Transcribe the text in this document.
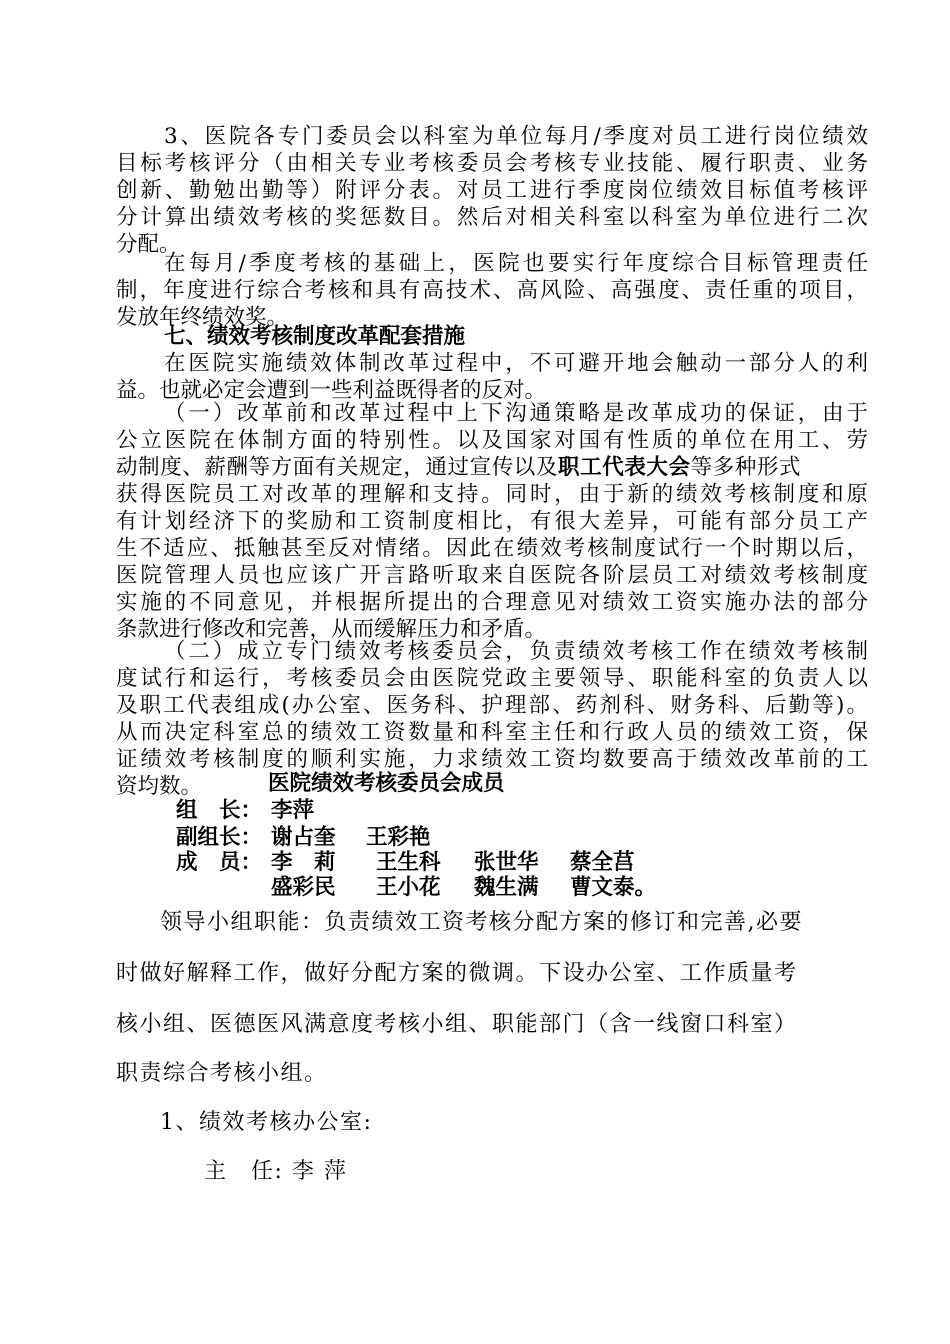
3、医院各专门委员会以科室为单位每月/季度对员工进行岗位绩效
目标考核评分（由相关专业考核委员会考核专业技能、履行职责、业务
创新、勤勉出勤等）附评分表。对员工进行季度岗位绩效目标值考核评
分计算出绩效考核的奖惩数目。然后对相关科室以科室为单位进行二次
分配。
在每月/季度考核的基础上，医院也要实行年度综合目标管理责任
制，年度进行综合考核和具有高技术、高风险、高强度、责任重的项目，
发放年终绩效奖。
七、绩效考核制度改革配套措施
在医院实施绩效体制改革过程中，不可避开地会触动一部分人的利
益。也就必定会遭到一些利益既得者的反对。
（一）改革前和改革过程中上下沟通策略是改革成功的保证，由于
公立医院在体制方面的特别性。以及国家对国有性质的单位在用工、劳
动制度、薪酬等方面有关规定，通过宣传以及职工代表大会等多种形式
获得医院员工对改革的理解和支持。同时，由于新的绩效考核制度和原
有计划经济下的奖励和工资制度相比，有很大差异，可能有部分员工产
生不适应、抵触甚至反对情绪。因此在绩效考核制度试行一个时期以后，
医院管理人员也应该广开言路听取来自医院各阶层员工对绩效考核制度
实施的不同意见，并根据所提出的合理意见对绩效工资实施办法的部分
条款进行修改和完善，从而缓解压力和矛盾。
（二）成立专门绩效考核委员会，负责绩效考核工作在绩效考核制
度试行和运行，考核委员会由医院党政主要领导、职能科室的负责人以
及职工代表组成(办公室、医务科、护理部、药剂科、财务科、后勤等)。
从而决定科室总的绩效工资数量和科室主任和行政人员的绩效工资，保
证绩效考核制度的顺利实施，力求绩效工资均数要高于绩效改革前的工
资均数。	医院绩效考核委员会成员
组　长： 李萍
副组长： 谢占奎 王彩艳
成　员： 李　莉 王生科 张世华 蔡全莒
盛彩民 王小花 魏生满 曹文泰。
领导小组职能：负责绩效工资考核分配方案的修订和完善,必要
时做好解释工作，做好分配方案的微调。下设办公室、工作质量考
核小组、医德医风满意度考核小组、职能部门（含一线窗口科室）
职责综合考核小组。
1、绩效考核办公室:
主　任: 李 萍
